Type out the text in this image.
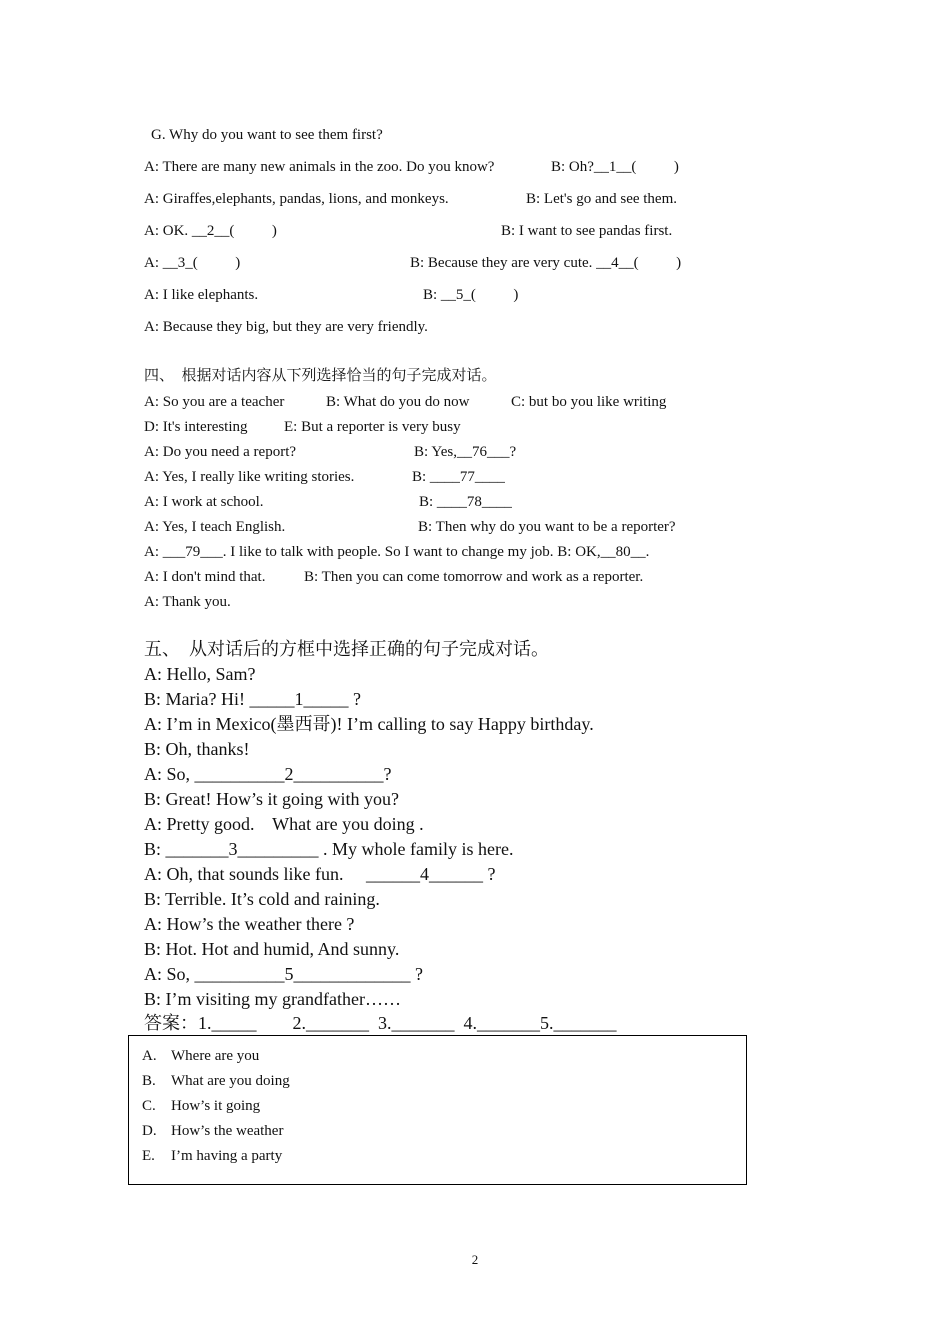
G. Why do you want to see them first?
A: There are many new animals in the zoo. Do you know?	B: Oh?__1__(          )
A: Giraffes,elephants, pandas, lions, and monkeys.	B: Let's go and see them.
A: OK. __2__(          )	B: I want to see pandas first.
A: __3_(          )	B: Because they are very cute. __4__(          )
A: I like elephants.	B: __5_(          )
A: Because they big, but they are very friendly.
四、  根据对话内容从下列选择恰当的句子完成对话。
A: So you are a teacher	B: What do you do now	C: but bo you like writing
D: It's interesting E: But a reporter is very busy
A: Do you need a report?	B: Yes,__76___?
A: Yes, I really like writing stories.	B: ____77____
A: I work at school.	B: ____78____
A: Yes, I teach English.	B: Then why do you want to be a reporter?
A: ___79___. I like to talk with people. So I want to change my job. B: OK,__80__.
A: I don't mind that.	B: Then you can come tomorrow and work as a reporter.
A: Thank you.
五、  从对话后的方框中选择正确的句子完成对话。
A: Hello, Sam?
B: Maria? Hi! _____1_____ ?
A: I’m in Mexico(墨西哥)! I’m calling to say Happy birthday.
B: Oh, thanks!
A: So, __________2__________?
B: Great! How’s it going with you?
A: Pretty good.    What are you doing .
B: _______3_________ . My whole family is here.
A: Oh, that sounds like fun.     ______4______ ?
B: Terrible. It’s cold and raining.
A: How’s the weather there ?
B: Hot. Hot and humid, And sunny.
A: So, __________5_____________ ?
B: I’m visiting my grandfather……
答案：1._____        2._______  3._______  4._______5._______
A. Where are you
B. What are you doing
C. How’s it going
D. How’s the weather
E. I’m having a party
2
